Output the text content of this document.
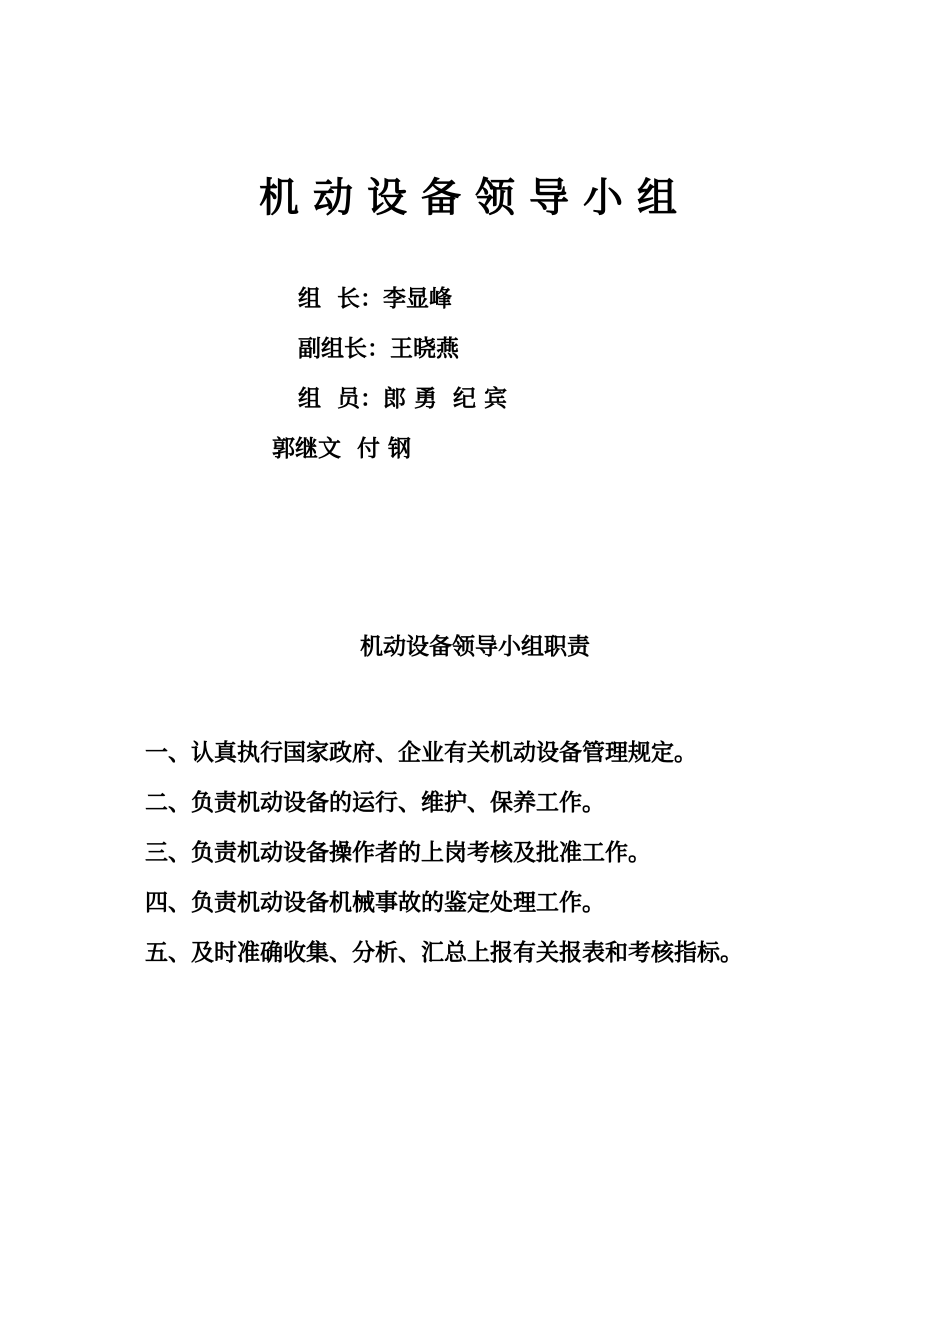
机动设备领导小组

组  长：李显峰

副组长：王晓燕

组  员：郎 勇  纪 宾

郭继文  付 钢

机动设备领导小组职责
一、认真执行国家政府、企业有关机动设备管理规定。
二、负责机动设备的运行、维护、保养工作。
三、负责机动设备操作者的上岗考核及批准工作。
四、负责机动设备机械事故的鉴定处理工作。
五、及时准确收集、分析、汇总上报有关报表和考核指标。
